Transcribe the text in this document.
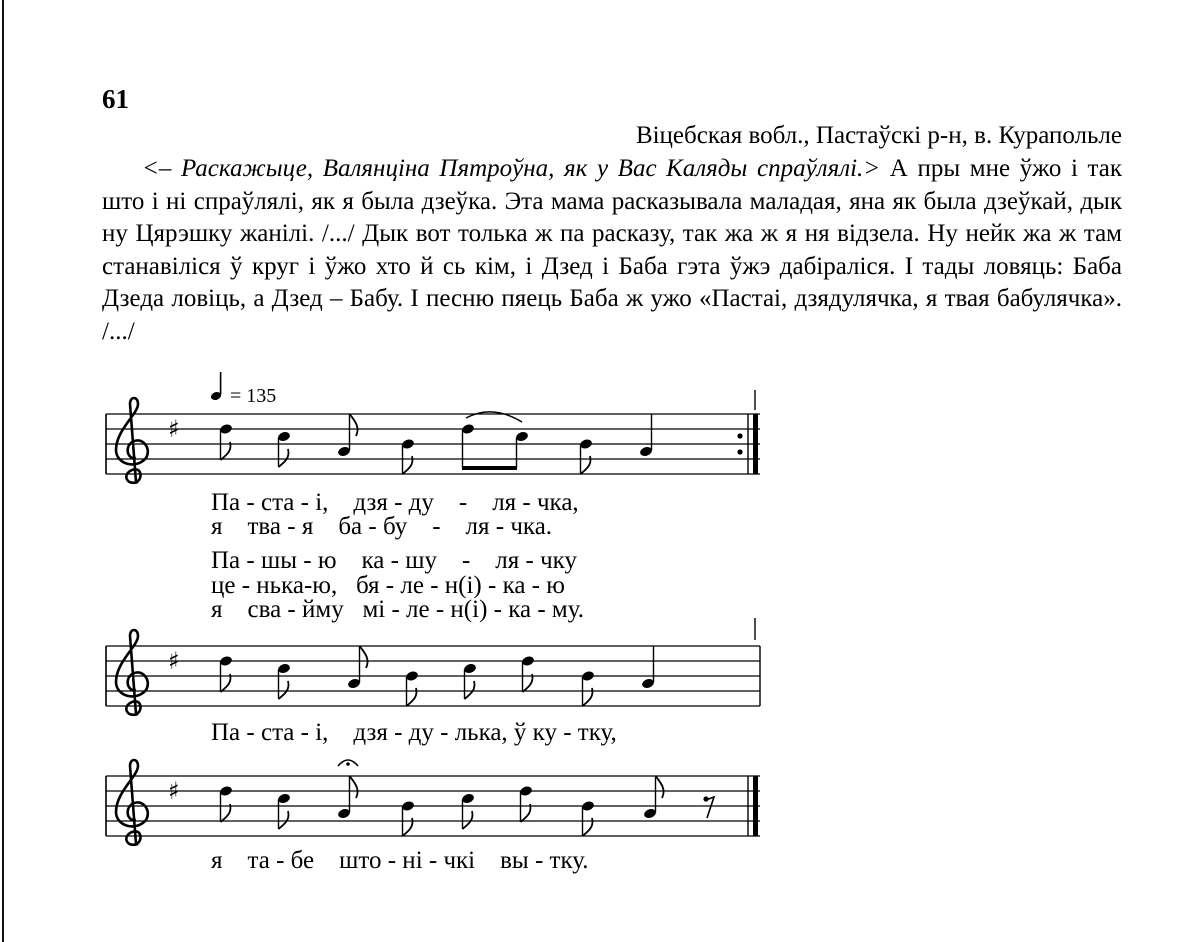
61
Віцебская вобл., Пастаўскі р-н, в. Курапольле
<– Раскажыце, Валянціна Пятроўна, як у Вас Каляды спраўлялі.> А пры мне ўжо і так што і ні спраўлялі, як я была дзеўка. Эта мама расказывала маладая, яна як была дзеўкай, дык ну Цярэшку жанілі. /.../ Дык вот толька ж па расказу, так жа ж я ня відзела. Ну нейк жа ж там станавіліся ў круг і ўжо хто й сь кім, і Дзед і Баба гэта ўжэ дабіраліся. І тады ловяць: Баба Дзеда ловіць, а Дзед – Бабу. І песню пяець Баба ж ужо «Пастаі, дзядулячка, я твая бабулячка». /.../
= 135
♯
♯
♯
Па - ста - і,    дзя - ду    -    ля - чка,
я    тва - я    ба - бу    -    ля - чка.
Па - шы - ю    ка - шу    -    ля - чку
це - нька-ю,   бя - ле - н(і) - ка - ю
я    сва - йму   мі - ле - н(і) - ка - му.
Па - ста - і,    дзя - ду - лька, ў ку - тку,
я    та - бе    што - ні - чкі    вы - тку.
